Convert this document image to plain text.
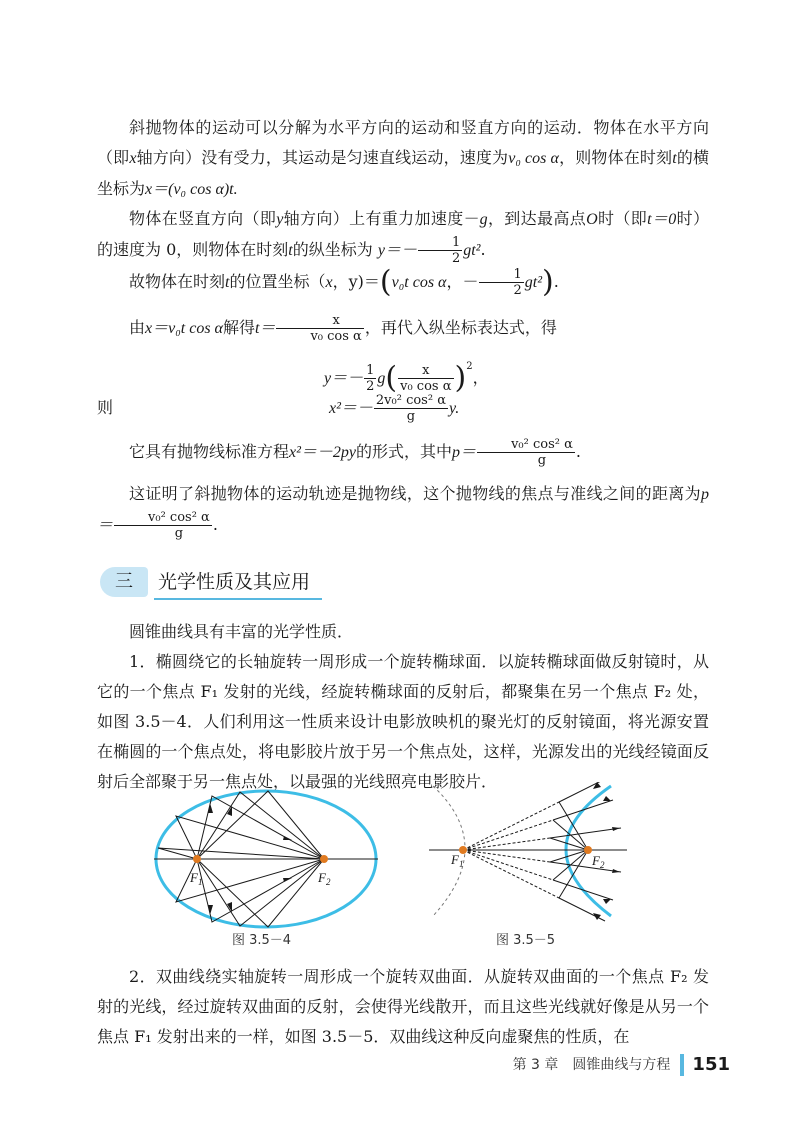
斜抛物体的运动可以分解为水平方向的运动和竖直方向的运动．物体在水平方向（即x轴方向）没有受力，其运动是匀速直线运动，速度为v₀ cos α，则物体在时刻t的横坐标为x＝(v₀ cos α)t.

物体在竖直方向（即y轴方向）上有重力加速度－g，到达最高点O时（即t＝0时）的速度为 0，则物体在时刻t的纵坐标为 $y=- \frac{1}{2} gt^2$.

故物体在时刻t的位置坐标（x，y)＝(v₀t cos α，－ $\frac{1}{2} gt^2$).

由x＝v₀t cos α解得$t= \frac{x}{\text{v₀ cos α}}$ ，再代入纵坐标表达式，得

$y=- \frac{1}{2} g( \frac{x}{\text{v₀ cos α}} )^2$，
则	$x^2=- \frac{\text{2v₀² cos² α}}{g} y$.

它具有抛物线标准方程x²＝－2py的形式，其中$p= \frac{\text{v₀² cos² α}}{g}$ .

这证明了斜抛物体的运动轨迹是抛物线，这个抛物线的焦点与准线之间的距离为$p= \frac{\text{v₀² cos² α}}{g}$ .

三	光学性质及其应用

圆锥曲线具有丰富的光学性质．

1．椭圆绕它的长轴旋转一周形成一个旋转椭球面．以旋转椭球面做反射镜时，从它的一个焦点 F₁ 发射的光线，经旋转椭球面的反射后，都聚集在另一个焦点 F₂ 处，如图 3.5－4．人们利用这一性质来设计电影放映机的聚光灯的反射镜面，将光源安置在椭圆的一个焦点处，将电影胶片放于另一个焦点处，这样，光源发出的光线经镜面反射后全部聚于另一焦点处，以最强的光线照亮电影胶片．

$F_1$	$F_2$
图 3.5－4
$F_1$	$F_2$
图 3.5－5

2．双曲线绕实轴旋转一周形成一个旋转双曲面．从旋转双曲面的一个焦点 F₂ 发射的光线，经过旋转双曲面的反射，会使得光线散开，而且这些光线就好像是从另一个焦点 F₁ 发射出来的一样，如图 3.5－5．双曲线这种反向虚聚焦的性质，在

第 3 章　圆锥曲线与方程 151
